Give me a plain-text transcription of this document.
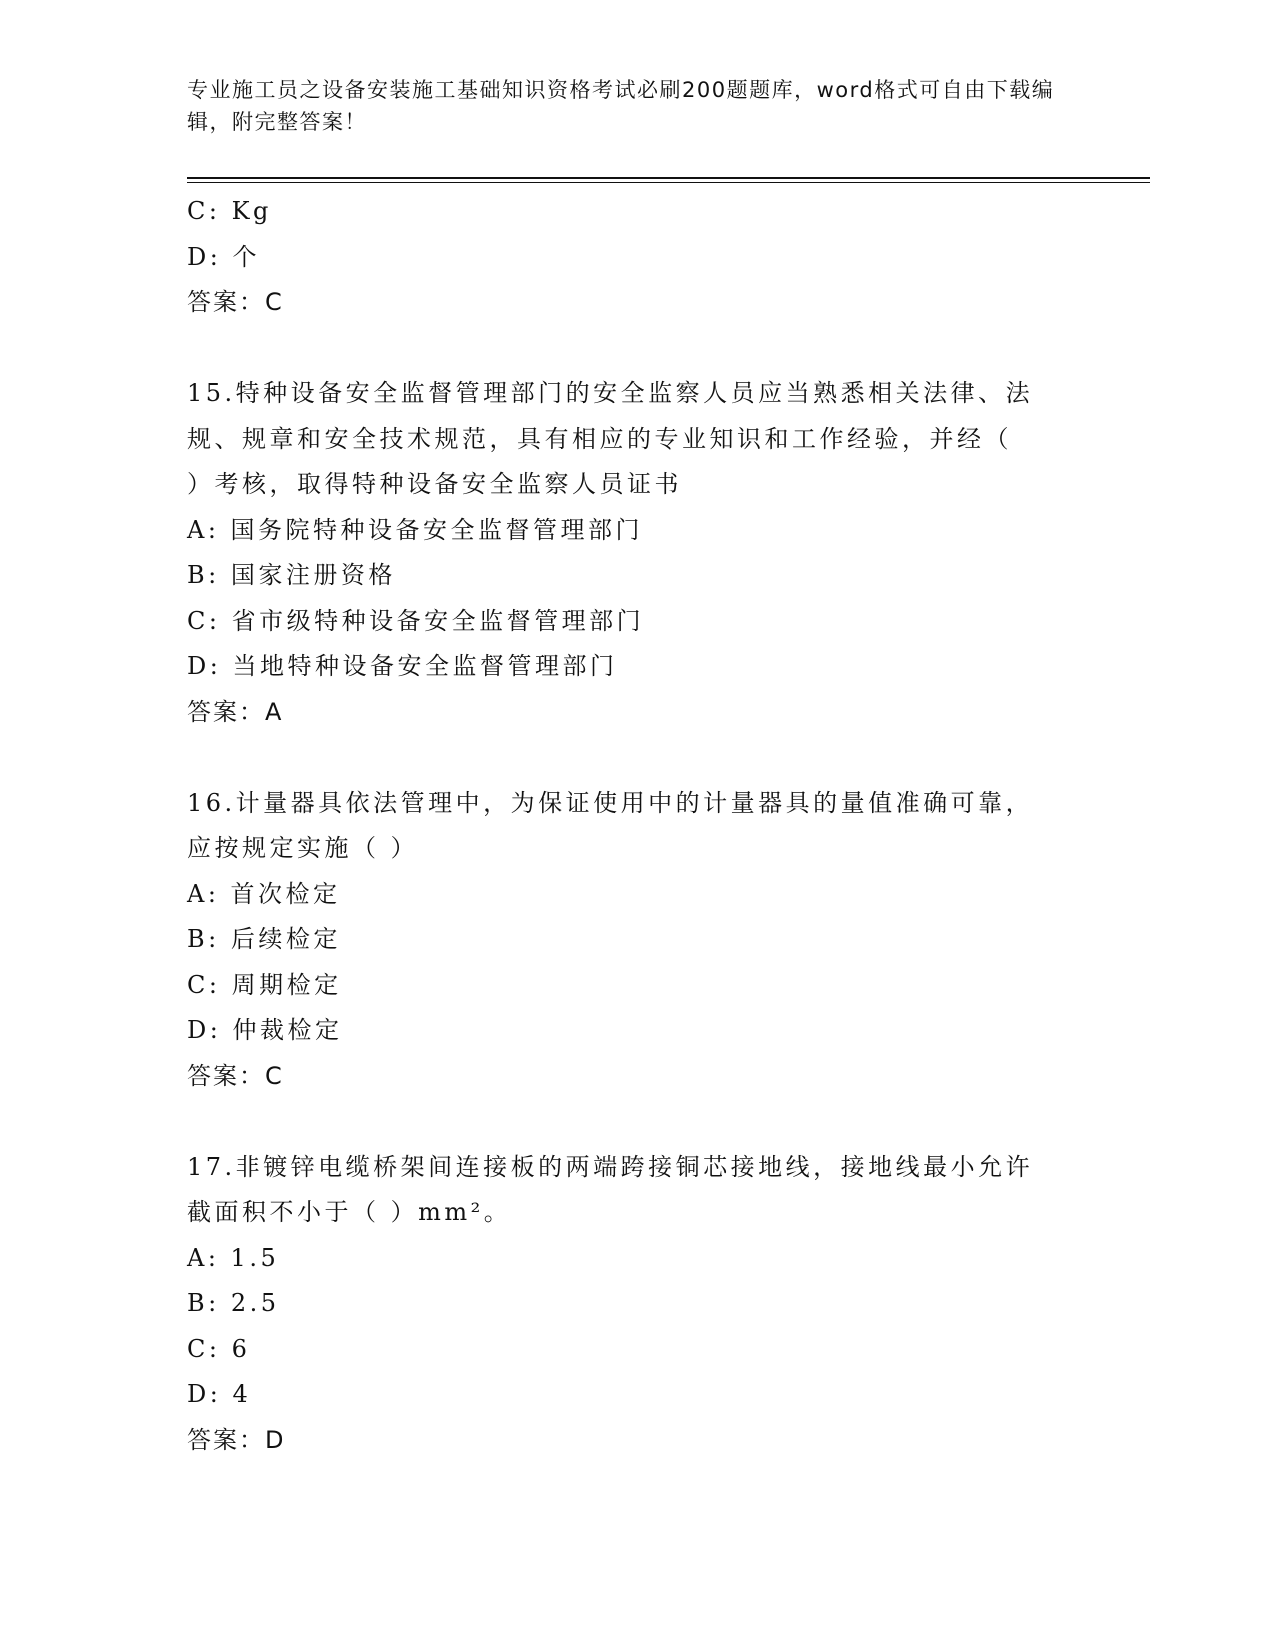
专业施工员之设备安装施工基础知识资格考试必刷200题题库，word格式可自由下载编辑，附完整答案！
C: Kg
D: 个
答案：C
15.特种设备安全监督管理部门的安全监察人员应当熟悉相关法律、法
规、规章和安全技术规范，具有相应的专业知识和工作经验，并经（
）考核，取得特种设备安全监察人员证书
A: 国务院特种设备安全监督管理部门
B: 国家注册资格
C: 省市级特种设备安全监督管理部门
D: 当地特种设备安全监督管理部门
答案：A
16.计量器具依法管理中，为保证使用中的计量器具的量值准确可靠，
应按规定实施（ ）
A: 首次检定
B: 后续检定
C: 周期检定
D: 仲裁检定
答案：C
17.非镀锌电缆桥架间连接板的两端跨接铜芯接地线，接地线最小允许
截面积不小于（ ）mm²。
A: 1.5
B: 2.5
C: 6
D: 4
答案：D
